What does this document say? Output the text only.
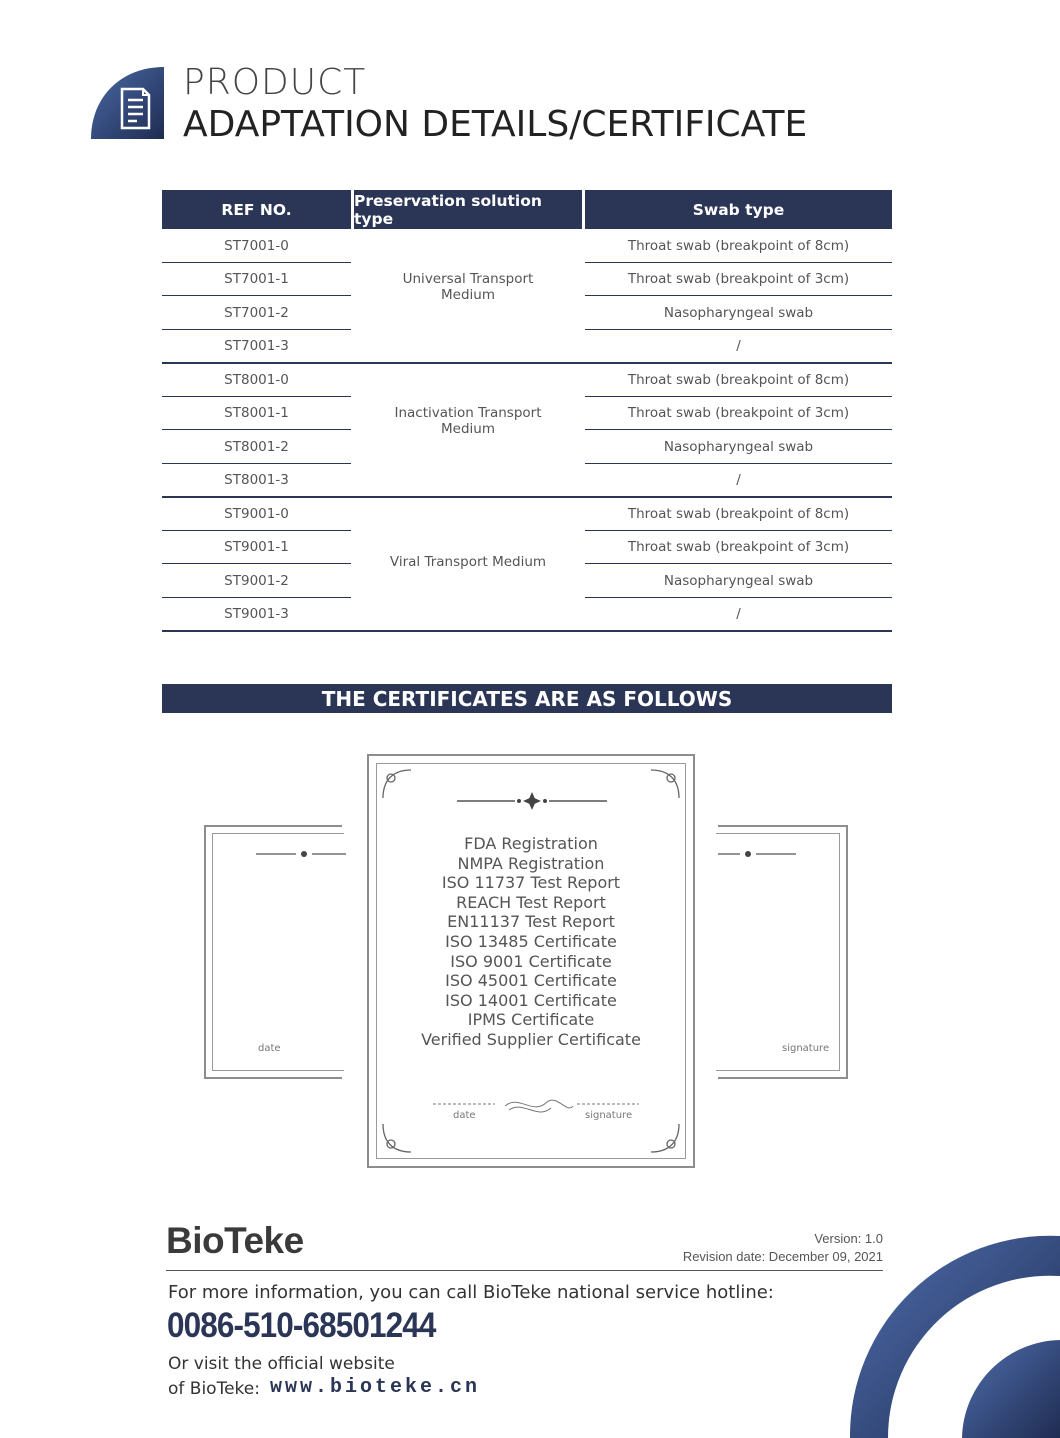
PRODUCT
ADAPTATION DETAILS/CERTIFICATE
REF NO.	Preservation solution type	Swab type
Universal Transport Medium
ST7001-0	Throat swab (breakpoint of 8cm)
ST7001-1	Throat swab (breakpoint of 3cm)
ST7001-2	Nasopharyngeal swab
ST7001-3	/
Inactivation Transport Medium
ST8001-0	Throat swab (breakpoint of 8cm)
ST8001-1	Throat swab (breakpoint of 3cm)
ST8001-2	Nasopharyngeal swab
ST8001-3	/
Viral Transport Medium
ST9001-0	Throat swab (breakpoint of 8cm)
ST9001-1	Throat swab (breakpoint of 3cm)
ST9001-2	Nasopharyngeal swab
ST9001-3	/
THE CERTIFICATES ARE AS FOLLOWS
date	signature
FDA Registration
NMPA Registration
ISO 11737 Test Report
REACH Test Report
EN11137 Test Report
ISO 13485 Certificate
ISO 9001 Certificate
ISO 45001 Certificate
ISO 14001 Certificate
IPMS Certificate
Verified Supplier Certificate
date	signature
BioTeke	Version: 1.0
Revision date: December 09, 2021
For more information, you can call BioTeke national service hotline:
0086-510-68501244
Or visit the official website
of BioTeke: www.bioteke.cn
